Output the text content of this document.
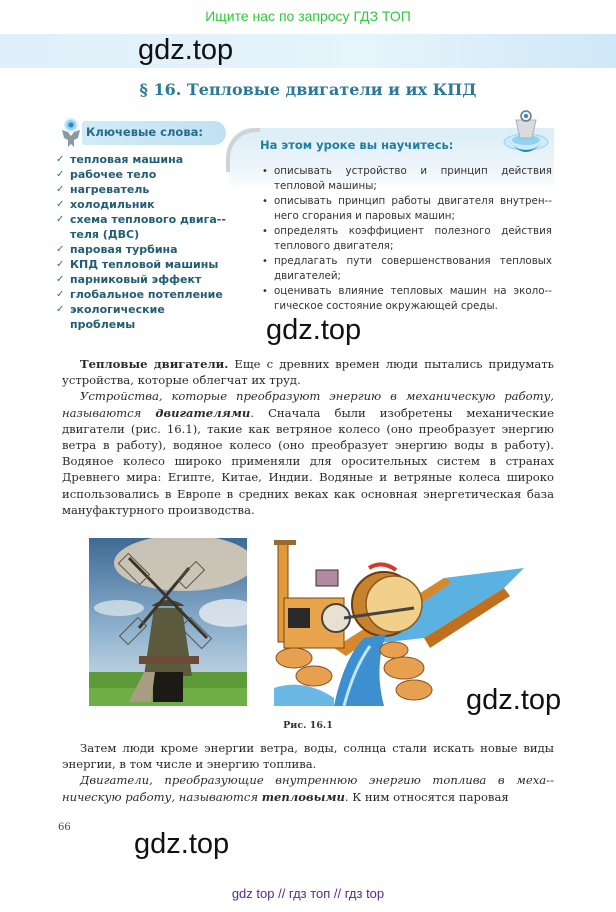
Ищите нас по запросу ГДЗ ТОП
gdz.top
§ 16. Тепловые двигатели и их КПД
Ключевые слова:
✓ тепловая машина
✓ рабочее тело
✓ нагреватель
✓ холодильник
✓ схема теплового двига-теля (ДВС)
✓ паровая турбина
✓ КПД тепловой машины
✓ парниковый эффект
✓ глобальное потепление
✓ экологические проблемы
На этом уроке вы научитесь:
• описывать устройство и принцип действия тепловой машины;
• описывать принцип работы двигателя внутрен-него сгорания и паровых машин;
• определять коэффициент полезного действия теплового двигателя;
• предлагать пути совершенствования тепловых двигателей;
• оценивать влияние тепловых машин на эколо-гическое состояние окружающей среды.
gdz.top

Тепловые двигатели. Еще с древних времен люди пытались придумать устройства, которые облегчат их труд.

Устройства, которые преобразуют энергию в механическую работу, называются двигателями. Сначала были изобретены механические двигатели (рис. 16.1), такие как ветряное колесо (оно преобразует энергию ветра в работу), водяное колесо (оно преобразует энергию воды в работу). Водяное колесо широко применяли для оросительных систем в странах Древнего мира: Египте, Китае, Индии. Водяные и ветряные колеса широко использовались в Европе в средних веках как основная энергетическая база мануфактурного производства.

gdz.top
Рис. 16.1

Затем люди кроме энергии ветра, воды, солнца стали искать новые виды энергии, в том числе и энергию топлива.

Двигатели, преобразующие внутреннюю энергию топлива в меха-ническую работу, называются тепловыми. К ним относятся паровая

66
gdz.top
gdz top // гдз топ // гдз top
